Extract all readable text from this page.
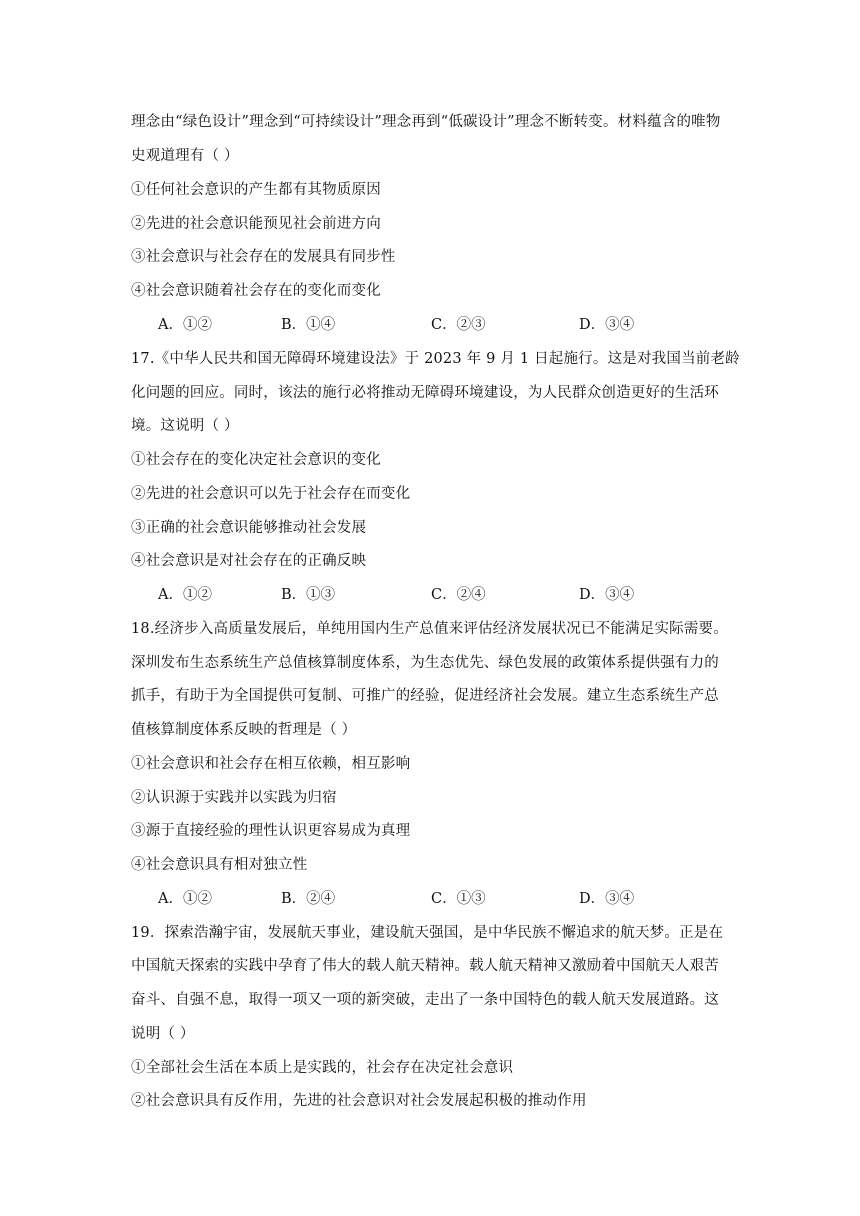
理念由“绿色设计”理念到“可持续设计”理念再到“低碳设计”理念不断转变。材料蕴含的唯物
史观道理有（ ）
①任何社会意识的产生都有其物质原因
②先进的社会意识能预见社会前进方向
③社会意识与社会存在的发展具有同步性
④社会意识随着社会存在的变化而变化
A．①②	B．①④	C．②③	D．③④
17.《中华人民共和国无障碍环境建设法》于 2023 年 9 月 1 日起施行。这是对我国当前老龄
化问题的回应。同时，该法的施行必将推动无障碍环境建设，为人民群众创造更好的生活环
境。这说明（ ）
①社会存在的变化决定社会意识的变化
②先进的社会意识可以先于社会存在而变化
③正确的社会意识能够推动社会发展
④社会意识是对社会存在的正确反映
A．①②	B．①③	C．②④	D．③④
18.经济步入高质量发展后，单纯用国内生产总值来评估经济发展状况已不能满足实际需要。
深圳发布生态系统生产总值核算制度体系，为生态优先、绿色发展的政策体系提供强有力的
抓手，有助于为全国提供可复制、可推广的经验，促进经济社会发展。建立生态系统生产总
值核算制度体系反映的哲理是（ ）
①社会意识和社会存在相互依赖，相互影响
②认识源于实践并以实践为归宿
③源于直接经验的理性认识更容易成为真理
④社会意识具有相对独立性
A．①②	B．②④	C．①③	D．③④
19．探索浩瀚宇宙，发展航天事业，建设航天强国，是中华民族不懈追求的航天梦。正是在
中国航天探索的实践中孕育了伟大的载人航天精神。载人航天精神又激励着中国航天人艰苦
奋斗、自强不息，取得一项又一项的新突破，走出了一条中国特色的载人航天发展道路。这
说明（ ）
①全部社会生活在本质上是实践的，社会存在决定社会意识
②社会意识具有反作用，先进的社会意识对社会发展起积极的推动作用
